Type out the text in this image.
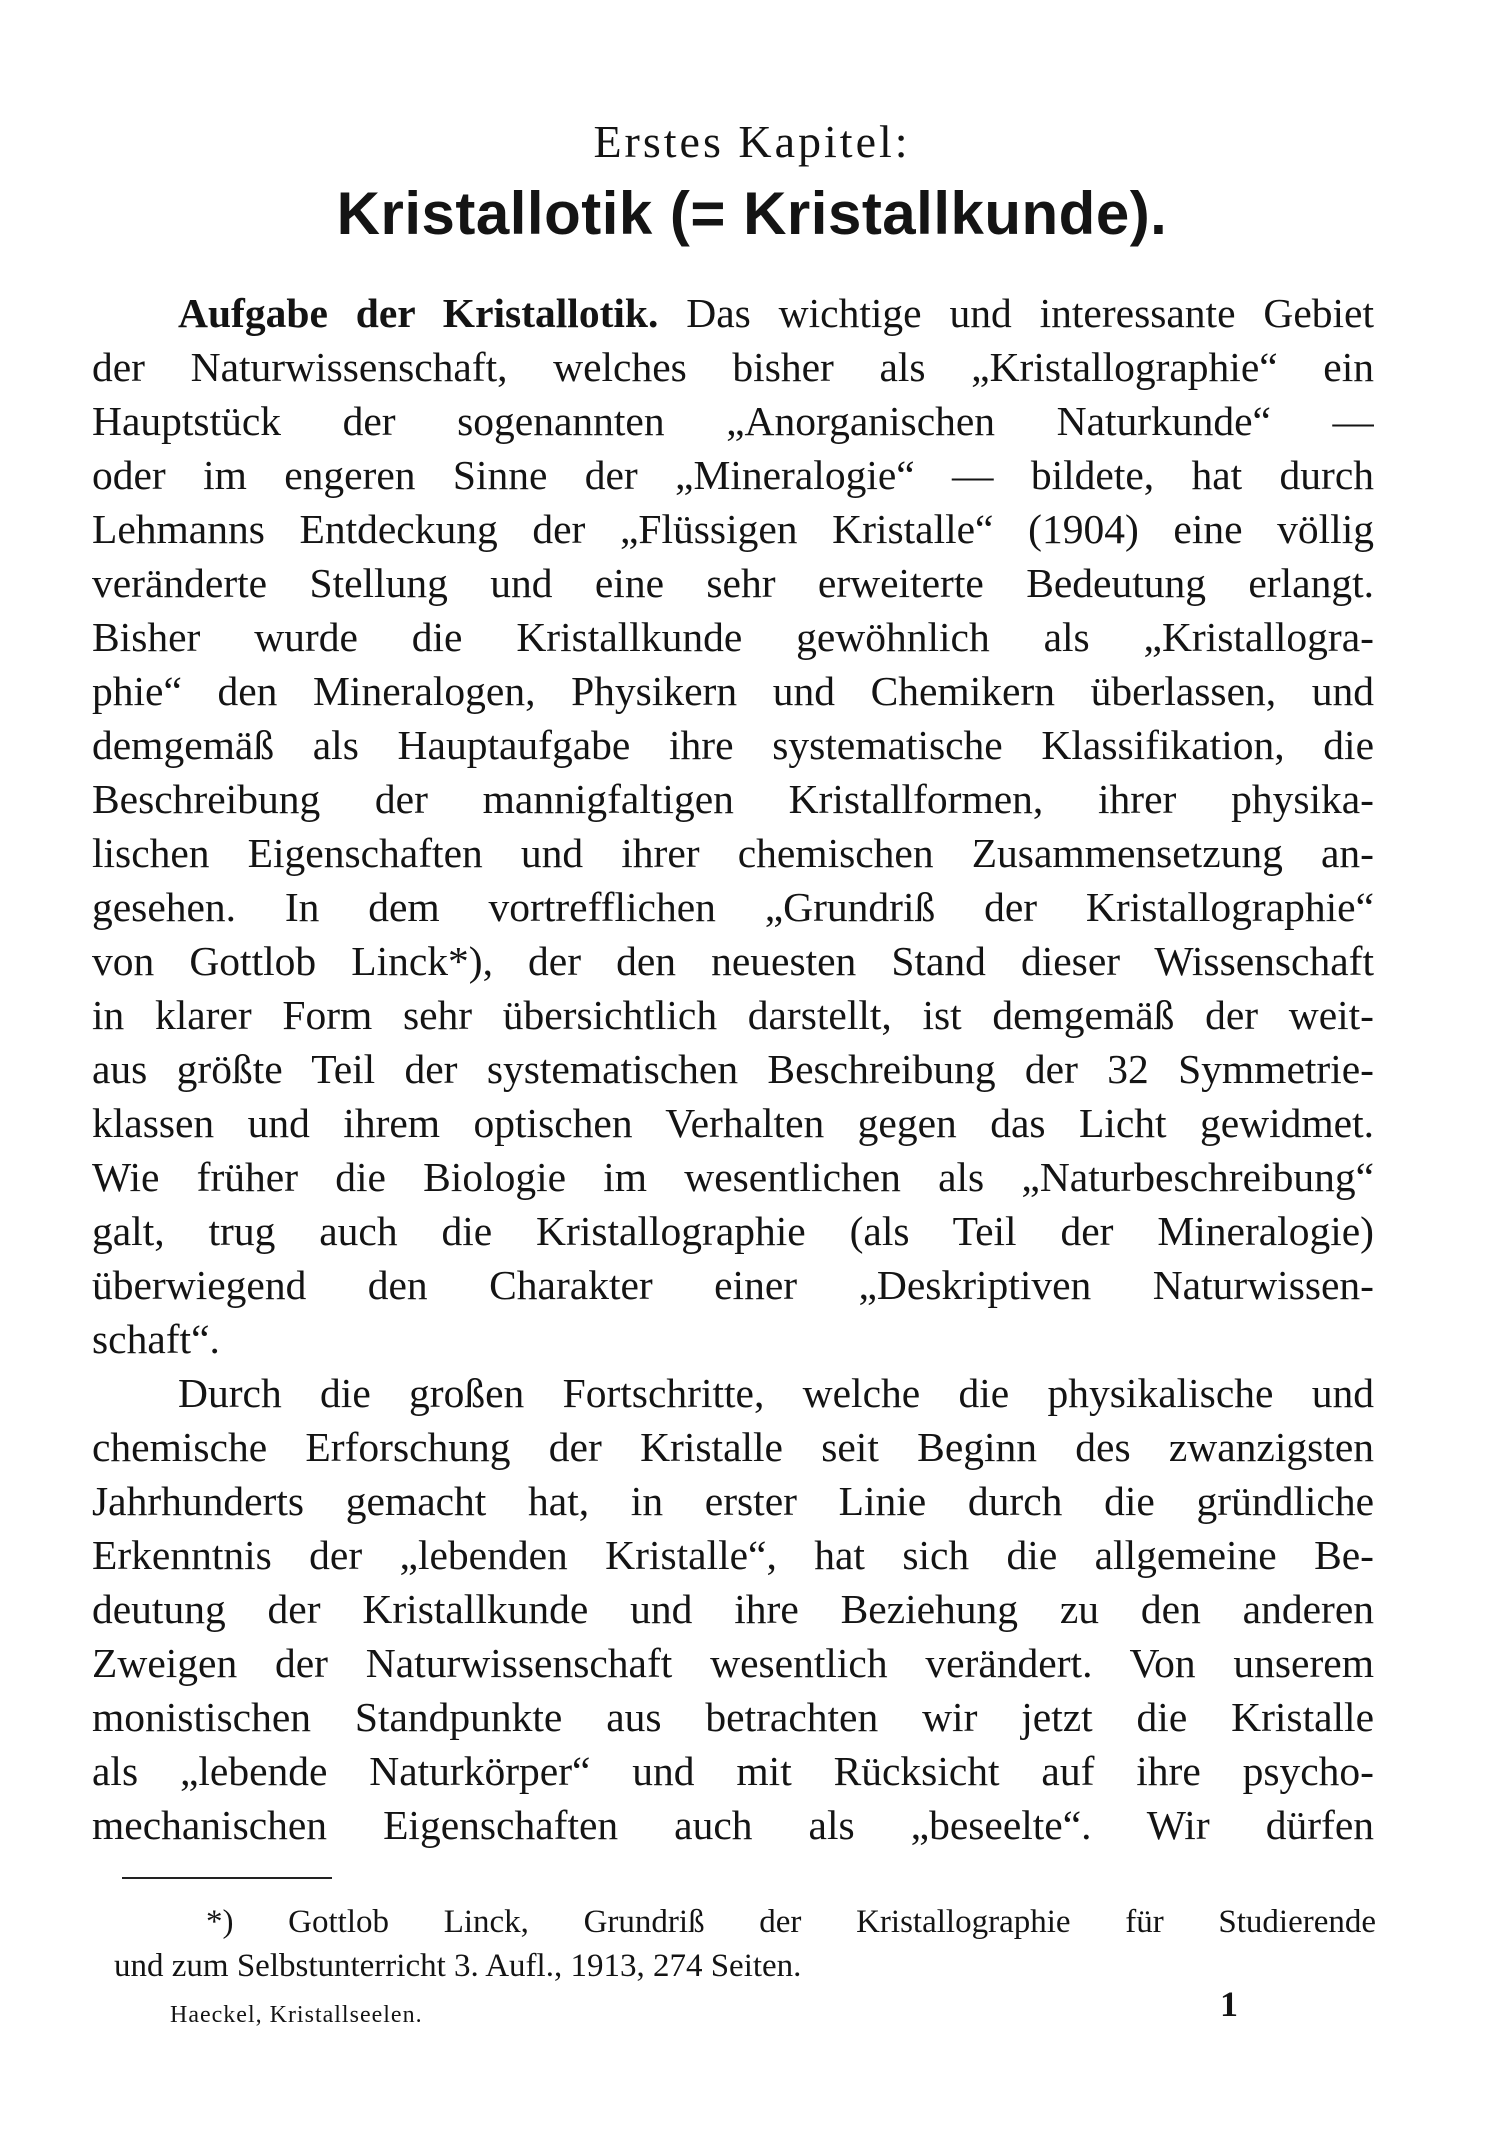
Erstes Kapitel:
Kristallotik (= Kristallkunde).
Aufgabe der Kristallotik. Das wichtige und interessante Gebiet
der Naturwissenschaft, welches bisher als „Kristallographie“ ein
Hauptstück der sogenannten „Anorganischen Naturkunde“ —
oder im engeren Sinne der „Mineralogie“ — bildete, hat durch
Lehmanns Entdeckung der „Flüssigen Kristalle“ (1904) eine völlig
veränderte Stellung und eine sehr erweiterte Bedeutung erlangt.
Bisher wurde die Kristallkunde gewöhnlich als „Kristallogra-
phie“ den Mineralogen, Physikern und Chemikern überlassen, und
demgemäß als Hauptaufgabe ihre systematische Klassifikation, die
Beschreibung der mannigfaltigen Kristallformen, ihrer physika-
lischen Eigenschaften und ihrer chemischen Zusammensetzung an-
gesehen. In dem vortrefflichen „Grundriß der Kristallographie“
von Gottlob Linck*), der den neuesten Stand dieser Wissenschaft
in klarer Form sehr übersichtlich darstellt, ist demgemäß der weit-
aus größte Teil der systematischen Beschreibung der 32 Symmetrie-
klassen und ihrem optischen Verhalten gegen das Licht gewidmet.
Wie früher die Biologie im wesentlichen als „Naturbeschreibung“
galt, trug auch die Kristallographie (als Teil der Mineralogie)
überwiegend den Charakter einer „Deskriptiven Naturwissen-
schaft“.
Durch die großen Fortschritte, welche die physikalische und
chemische Erforschung der Kristalle seit Beginn des zwanzigsten
Jahrhunderts gemacht hat, in erster Linie durch die gründliche
Erkenntnis der „lebenden Kristalle“, hat sich die allgemeine Be-
deutung der Kristallkunde und ihre Beziehung zu den anderen
Zweigen der Naturwissenschaft wesentlich verändert. Von unserem
monistischen Standpunkte aus betrachten wir jetzt die Kristalle
als „lebende Naturkörper“ und mit Rücksicht auf ihre psycho-
mechanischen Eigenschaften auch als „beseelte“. Wir dürfen
*) Gottlob Linck, Grundriß der Kristallographie für Studierende
und zum Selbstunterricht 3. Aufl., 1913, 274 Seiten.
Haeckel, Kristallseelen.	1
